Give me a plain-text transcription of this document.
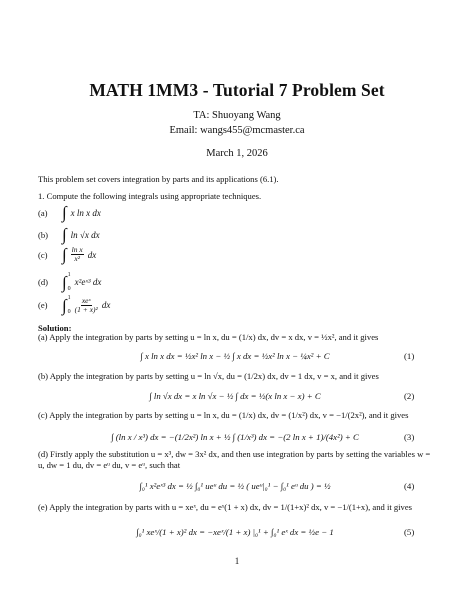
MATH 1MM3 - Tutorial 7 Problem Set
TA: Shuoyang Wang
Email: wangs455@mcmaster.ca
March 1, 2026
This problem set covers integration by parts and its applications (6.1).
1. Compute the following integrals using appropriate techniques.
(a) ∫ x ln x dx
(b) ∫ ln √x dx
(c) ∫ $\frac{\text{ln x}}{\text{x²}}$ dx
(d) ∫ 1
0
x²eˣ³ dx
(e) ∫ 1
$0 \frac{\text{xeˣ}}{\text{(1 + x)²}}$ dx
Solution:
(a) Apply the integration by parts by setting u = ln x, du = (1/x) dx, dv = x dx, v = ½x², and it gives
∫ x ln x dx = ½x² ln x − ½ ∫ x dx = ½x² ln x − ¼x² + C	(1)
(b) Apply the integration by parts by setting u = ln √x, du = (1/2x) dx, dv = 1 dx, v = x, and it gives
∫ ln √x dx = x ln √x − ½ ∫ dx = ½(x ln x − x) + C	(2)
(c) Apply the integration by parts by setting u = ln x, du = (1/x) dx, dv = (1/x²) dx, v = −1/(2x²), and it gives
∫ (ln x / x³) dx = −(1/2x²) ln x + ½ ∫ (1/x³) dx = −(2 ln x + 1)/(4x²) + C	(3)
(d) Firstly apply the substitution u = x³, dw = 3x² dx, and then use integration by parts by setting the variables w = u, dw = 1 du, dv = eᵘ du, v = eᵘ, such that
∫₀¹ x²eˣ³ dx = ½ ∫₀¹ ueᵘ du = ½ ( ueᵘ|₀¹ − ∫₀¹ eᵘ du ) = ½	(4)
(e) Apply the integration by parts with u = xeˣ, du = eˣ(1 + x) dx, dv = 1/(1+x)² dx, v = −1/(1+x), and it gives
∫₀¹ xeˣ/(1 + x)² dx = −xeˣ/(1 + x) |₀¹ + ∫₀¹ eˣ dx = ½e − 1	(5)
1
